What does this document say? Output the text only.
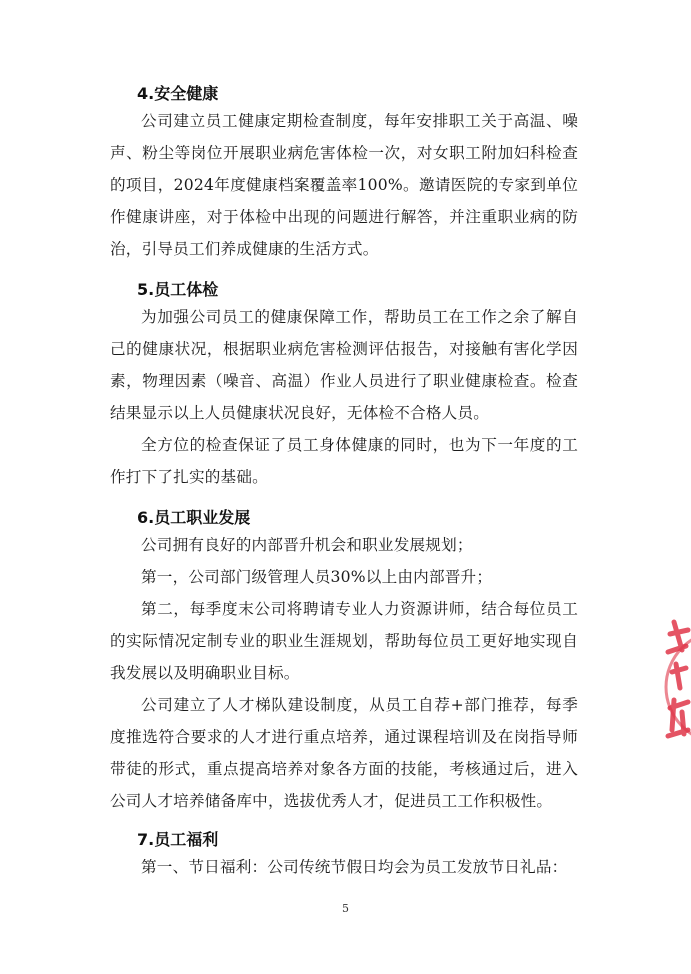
4.安全健康
公司建立员工健康定期检查制度，每年安排职工关于高温、噪声、粉尘等岗位开展职业病危害体检一次，对女职工附加妇科检查的项目，2024年度健康档案覆盖率100%。邀请医院的专家到单位作健康讲座，对于体检中出现的问题进行解答，并注重职业病的防治，引导员工们养成健康的生活方式。
5.员工体检
为加强公司员工的健康保障工作，帮助员工在工作之余了解自己的健康状况，根据职业病危害检测评估报告，对接触有害化学因素，物理因素（噪音、高温）作业人员进行了职业健康检查。检查结果显示以上人员健康状况良好，无体检不合格人员。
全方位的检查保证了员工身体健康的同时，也为下一年度的工作打下了扎实的基础。
6.员工职业发展
公司拥有良好的内部晋升机会和职业发展规划；
第一，公司部门级管理人员30%以上由内部晋升；
第二，每季度末公司将聘请专业人力资源讲师，结合每位员工的实际情况定制专业的职业生涯规划，帮助每位员工更好地实现自我发展以及明确职业目标。
公司建立了人才梯队建设制度，从员工自荐+部门推荐，每季度推选符合要求的人才进行重点培养，通过课程培训及在岗指导师带徒的形式，重点提高培养对象各方面的技能，考核通过后，进入公司人才培养储备库中，选拔优秀人才，促进员工工作积极性。
7.员工福利
第一、节日福利：公司传统节假日均会为员工发放节日礼品：
5
